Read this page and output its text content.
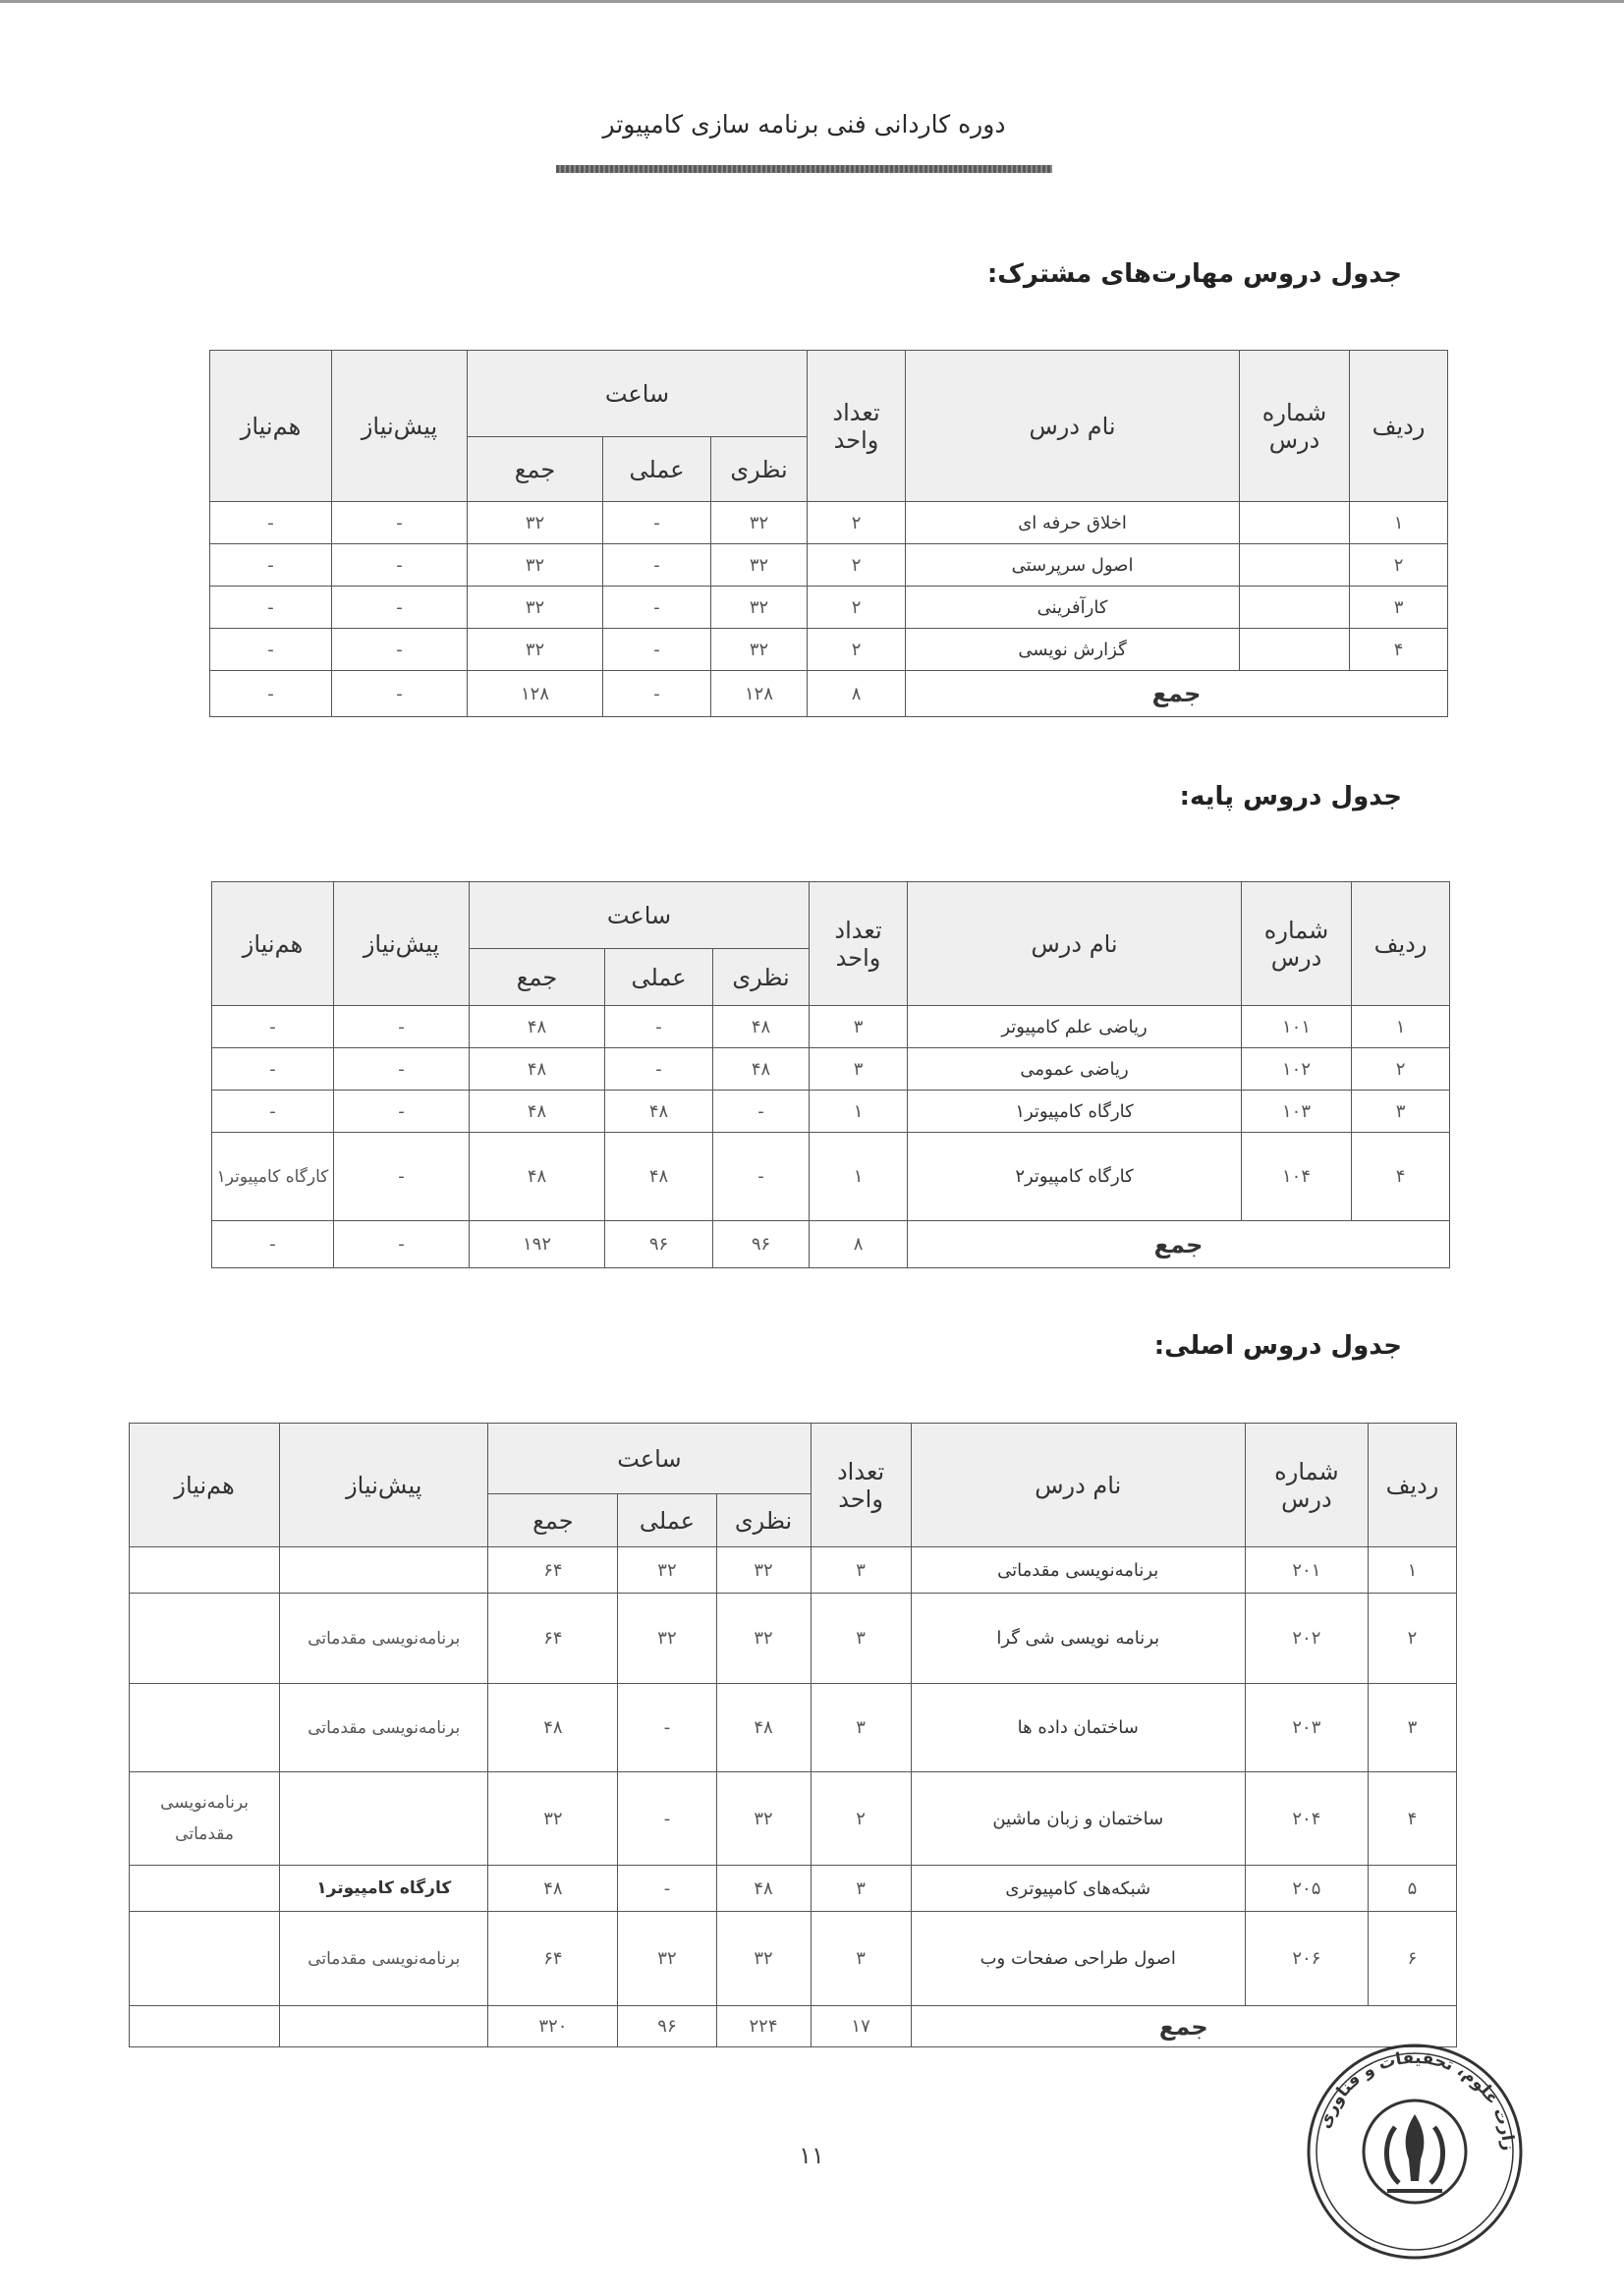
دوره کاردانی فنی برنامه سازی کامپیوتر
جدول دروس مهارت‌های مشترک:
ردیف	شماره درس	نام درس	تعداد واحد	ساعت			پیش‌نیاز	هم‌نیاز
				نظری	عملی	جمع		
۱		اخلاق حرفه ای	۲	۳۲	-	۳۲	-	-
۲		اصول سرپرستی	۲	۳۲	-	۳۲	-	-
۳		کارآفرینی	۲	۳۲	-	۳۲	-	-
۴		گزارش نویسی	۲	۳۲	-	۳۲	-	-
جمع			۸	۱۲۸	-	۱۲۸	-	-
جدول دروس پایه:
ردیف	شماره درس	نام درس	تعداد واحد	ساعت			پیش‌نیاز	هم‌نیاز
				نظری	عملی	جمع		
۱	۱۰۱	ریاضی علم کامپیوتر	۳	۴۸	-	۴۸	-	-
۲	۱۰۲	ریاضی عمومی	۳	۴۸	-	۴۸	-	-
۳	۱۰۳	کارگاه کامپیوتر۱	۱	-	۴۸	۴۸	-	-
۴	۱۰۴	کارگاه کامپیوتر۲	۱	-	۴۸	۴۸	-	کارگاه کامپیوتر۱
جمع			۸	۹۶	۹۶	۱۹۲	-	-
جدول دروس اصلی:
ردیف	شماره درس	نام درس	تعداد واحد	ساعت			پیش‌نیاز	هم‌نیاز
				نظری	عملی	جمع		
۱	۲۰۱	برنامه‌نویسی مقدماتی	۳	۳۲	۳۲	۶۴		
۲	۲۰۲	برنامه نویسی شی گرا	۳	۳۲	۳۲	۶۴	برنامه‌نویسی مقدماتی	
۳	۲۰۳	ساختمان داده ها	۳	۴۸	-	۴۸	برنامه‌نویسی مقدماتی	
۴	۲۰۴	ساختمان و زبان ماشین	۲	۳۲	-	۳۲		برنامه‌نویسی مقدماتی
۵	۲۰۵	شبکه‌های کامپیوتری	۳	۴۸	-	۴۸	کارگاه کامپیوتر۱	
۶	۲۰۶	اصول طراحی صفحات وب	۳	۳۲	۳۲	۶۴	برنامه‌نویسی مقدماتی	
جمع			۱۷	۲۲۴	۹۶	۳۲۰		
۱۱	زارت علوم، تحقیقات و فناوری
